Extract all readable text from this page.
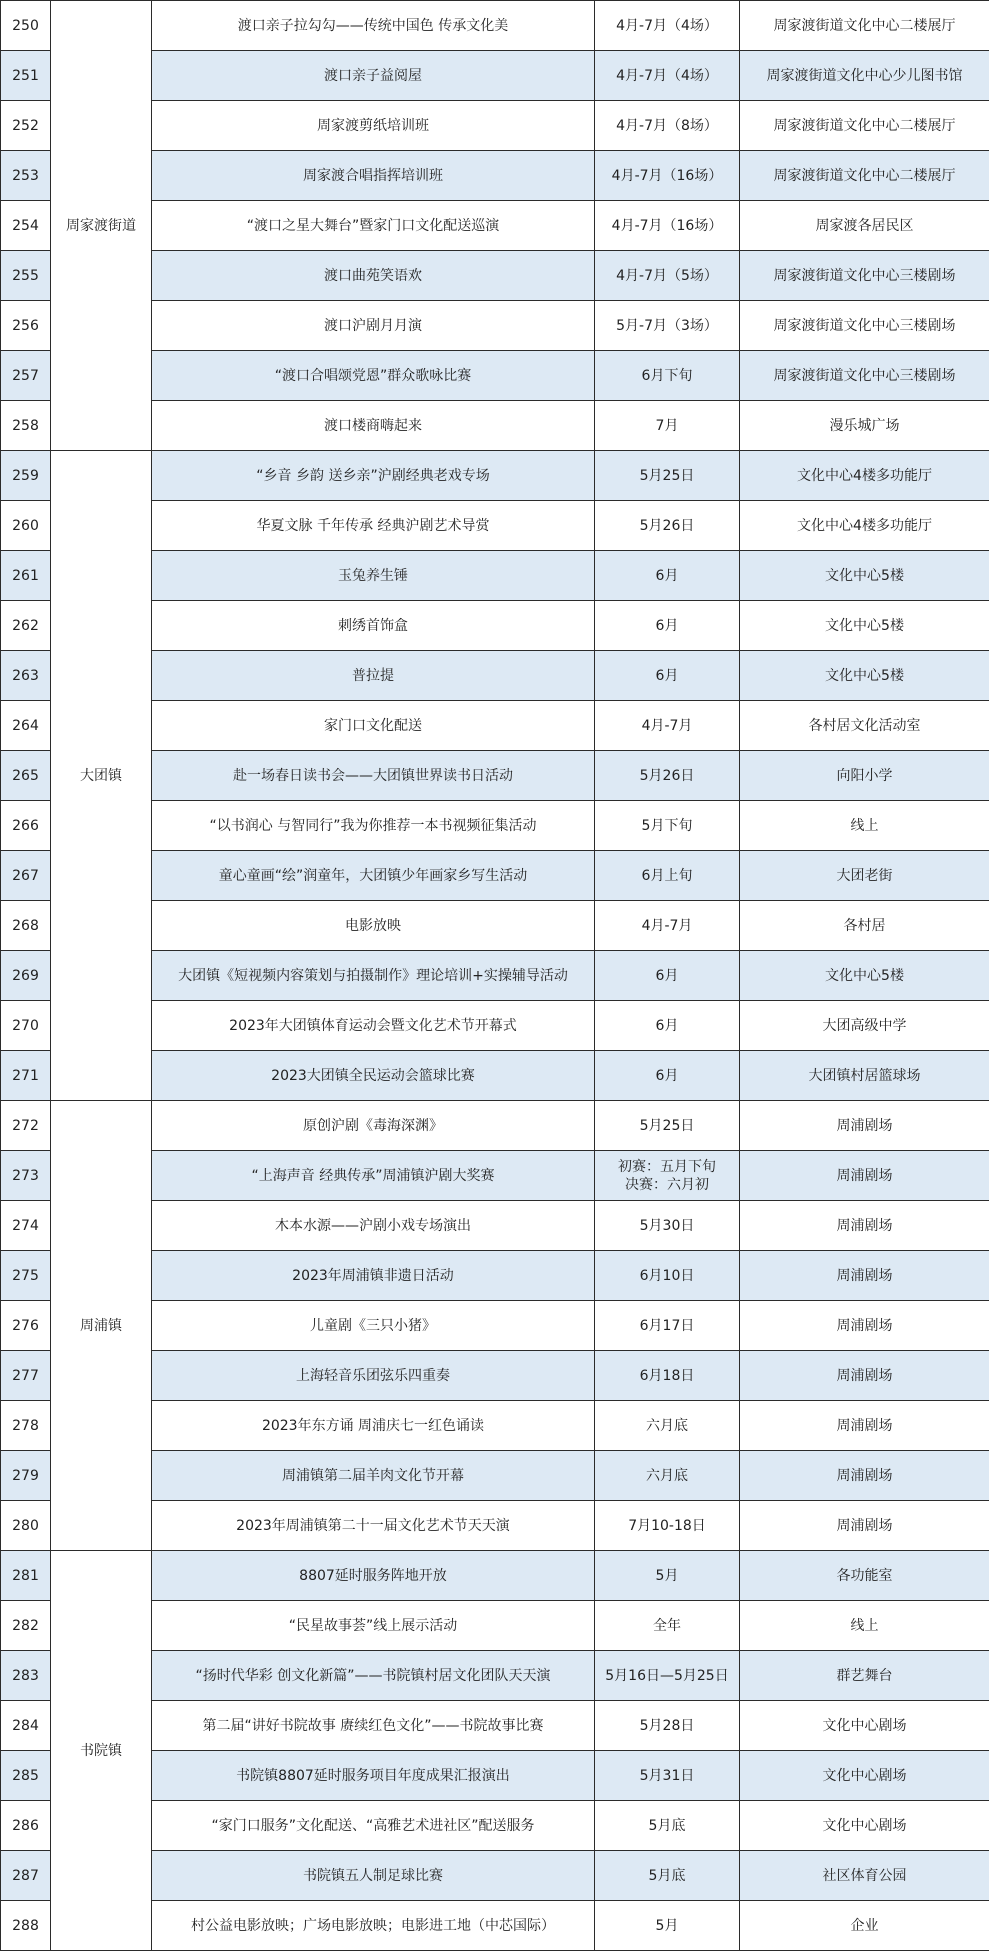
250	周家渡街道	渡口亲子拉勾勾——传统中国色 传承文化美	4月-7月（4场）	周家渡街道文化中心二楼展厅
251		渡口亲子益阅屋	4月-7月（4场）	周家渡街道文化中心少儿图书馆
252		周家渡剪纸培训班	4月-7月（8场）	周家渡街道文化中心二楼展厅
253		周家渡合唱指挥培训班	4月-7月（16场）	周家渡街道文化中心二楼展厅
254		“渡口之星大舞台”暨家门口文化配送巡演	4月-7月（16场）	周家渡各居民区
255		渡口曲苑笑语欢	4月-7月（5场）	周家渡街道文化中心三楼剧场
256		渡口沪剧月月演	5月-7月（3场）	周家渡街道文化中心三楼剧场
257		“渡口合唱颂党恩”群众歌咏比赛	6月下旬	周家渡街道文化中心三楼剧场
258		渡口楼商嗨起来	7月	漫乐城广场
259	大团镇	“乡音 乡韵 送乡亲”沪剧经典老戏专场	5月25日	文化中心4楼多功能厅
260		华夏文脉 千年传承 经典沪剧艺术导赏	5月26日	文化中心4楼多功能厅
261		玉兔养生锤	6月	文化中心5楼
262		刺绣首饰盒	6月	文化中心5楼
263		普拉提	6月	文化中心5楼
264		家门口文化配送	4月-7月	各村居文化活动室
265		赴一场春日读书会——大团镇世界读书日活动	5月26日	向阳小学
266		“以书润心 与智同行”我为你推荐一本书视频征集活动	5月下旬	线上
267		童心童画“绘”润童年，大团镇少年画家乡写生活动	6月上旬	大团老街
268		电影放映	4月-7月	各村居
269		大团镇《短视频内容策划与拍摄制作》理论培训+实操辅导活动	6月	文化中心5楼
270		2023年大团镇体育运动会暨文化艺术节开幕式	6月	大团高级中学
271		2023大团镇全民运动会篮球比赛	6月	大团镇村居篮球场
272	周浦镇	原创沪剧《毒海深渊》	5月25日	周浦剧场
273		“上海声音 经典传承”周浦镇沪剧大奖赛	初赛：五月下旬
决赛：六月初	周浦剧场
274		木本水源——沪剧小戏专场演出	5月30日	周浦剧场
275		2023年周浦镇非遗日活动	6月10日	周浦剧场
276		儿童剧《三只小猪》	6月17日	周浦剧场
277		上海轻音乐团弦乐四重奏	6月18日	周浦剧场
278		2023年东方诵 周浦庆七一红色诵读	六月底	周浦剧场
279		周浦镇第二届羊肉文化节开幕	六月底	周浦剧场
280		2023年周浦镇第二十一届文化艺术节天天演	7月10-18日	周浦剧场
281	书院镇	8807延时服务阵地开放	5月	各功能室
282		“民星故事荟”线上展示活动	全年	线上
283		“扬时代华彩 创文化新篇”——书院镇村居文化团队天天演	5月16日—5月25日	群艺舞台
284		第二届“讲好书院故事 赓续红色文化”——书院故事比赛	5月28日	文化中心剧场
285		书院镇8807延时服务项目年度成果汇报演出	5月31日	文化中心剧场
286		“家门口服务”文化配送、“高雅艺术进社区”配送服务	5月底	文化中心剧场
287		书院镇五人制足球比赛	5月底	社区体育公园
288		村公益电影放映；广场电影放映；电影进工地（中芯国际）	5月	企业
